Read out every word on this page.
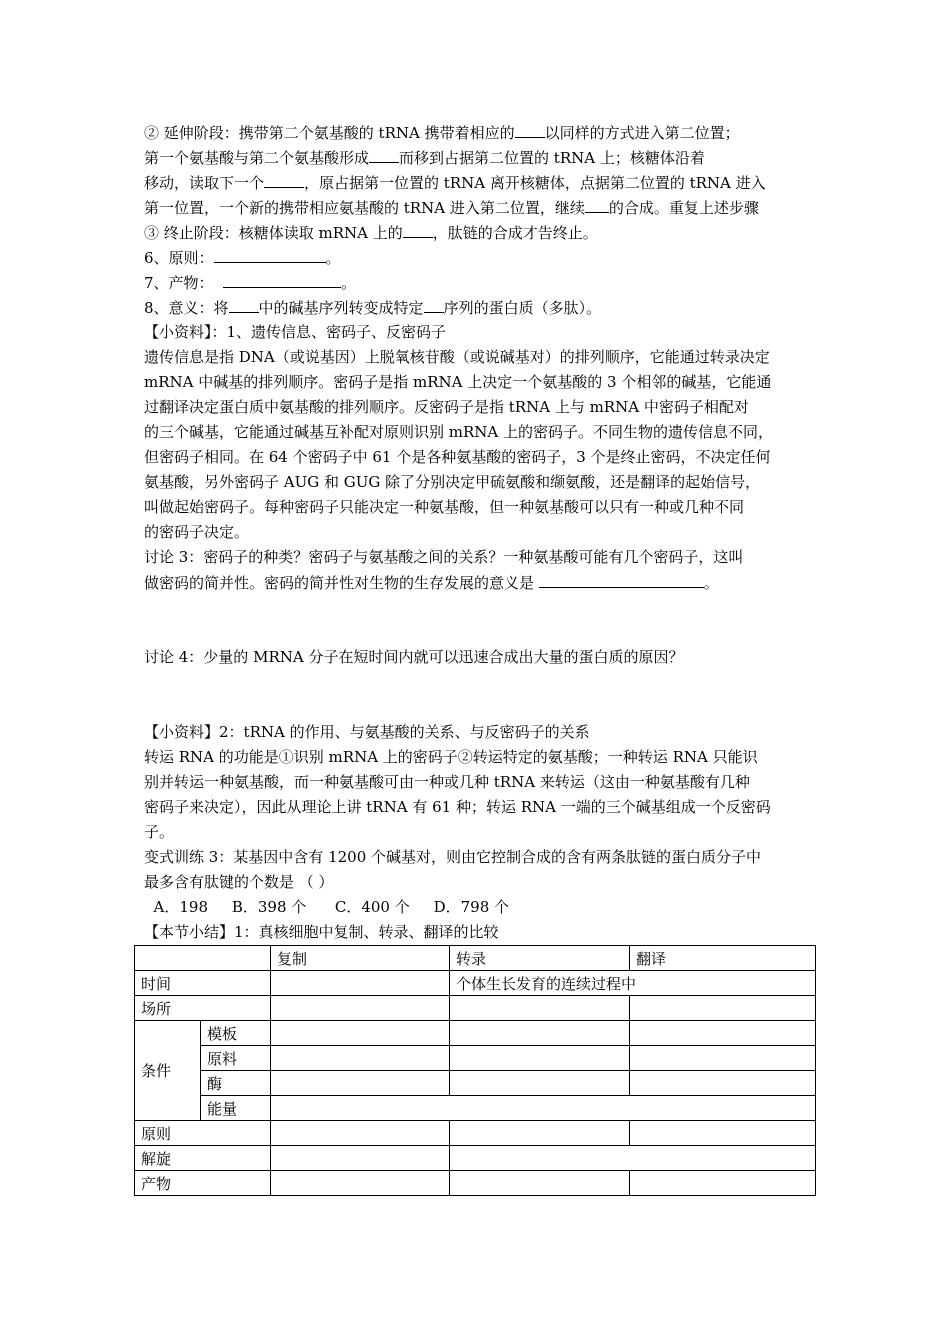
② 延伸阶段：携带第二个氨基酸的 tRNA 携带着相应的 以同样的方式进入第二位置；
第一个氨基酸与第二个氨基酸形成 而移到占据第二位置的 tRNA 上；核糖体沿着
移动，读取下一个	，原占据第一位置的 tRNA 离开核糖体，点据第二位置的 tRNA 进入
第一位置，一个新的携带相应氨基酸的 tRNA 进入第二位置，继续 的合成。重复上述步骤
③ 终止阶段：核糖体读取 mRNA 上的 ，肽链的合成才告终止。
6、原则：	。
7、产物：	。
8、意义：将 中的碱基序列转变成特定 序列的蛋白质（多肽）。
【小资料】：1、遗传信息、密码子、反密码子
遗传信息是指 DNA（或说基因）上脱氧核苷酸（或说碱基对）的排列顺序，它能通过转录决定
mRNA 中碱基的排列顺序。密码子是指 mRNA 上决定一个氨基酸的 3 个相邻的碱基，它能通
过翻译决定蛋白质中氨基酸的排列顺序。反密码子是指 tRNA 上与 mRNA 中密码子相配对
的三个碱基，它能通过碱基互补配对原则识别 mRNA 上的密码子。不同生物的遗传信息不同，
但密码子相同。在 64 个密码子中 61 个是各种氨基酸的密码子，3 个是终止密码，不决定任何
氨基酸，另外密码子 AUG 和 GUG 除了分别决定甲硫氨酸和缬氨酸，还是翻译的起始信号，
叫做起始密码子。每种密码子只能决定一种氨基酸，但一种氨基酸可以只有一种或几种不同
的密码子决定。
讨论 3：密码子的种类？密码子与氨基酸之间的关系？一种氨基酸可能有几个密码子，这叫
做密码的简并性。密码的简并性对生物的生存发展的意义是	。
讨论 4：少量的 MRNA 分子在短时间内就可以迅速合成出大量的蛋白质的原因？
【小资料】2：tRNA 的作用、与氨基酸的关系、与反密码子的关系
转运 RNA 的功能是①识别 mRNA 上的密码子②转运特定的氨基酸；一种转运 RNA 只能识
别并转运一种氨基酸，而一种氨基酸可由一种或几种 tRNA 来转运（这由一种氨基酸有几种
密码子来决定），因此从理论上讲 tRNA 有 61 种；转运 RNA 一端的三个碱基组成一个反密码
子。
变式训练 3：某基因中含有 1200 个碱基对，则由它控制合成的含有两条肽链的蛋白质分子中
最多含有肽键的个数是 （ ）
A．198     B．398 个      C．400 个     D．798 个
【本节小结】1：真核细胞中复制、转录、翻译的比较
		复制	转录	翻译
时间			个体生长发育的连续过程中	
场所				
条件	模板			
	原料			
	酶			
	能量			
原则				
解旋				
产物				
